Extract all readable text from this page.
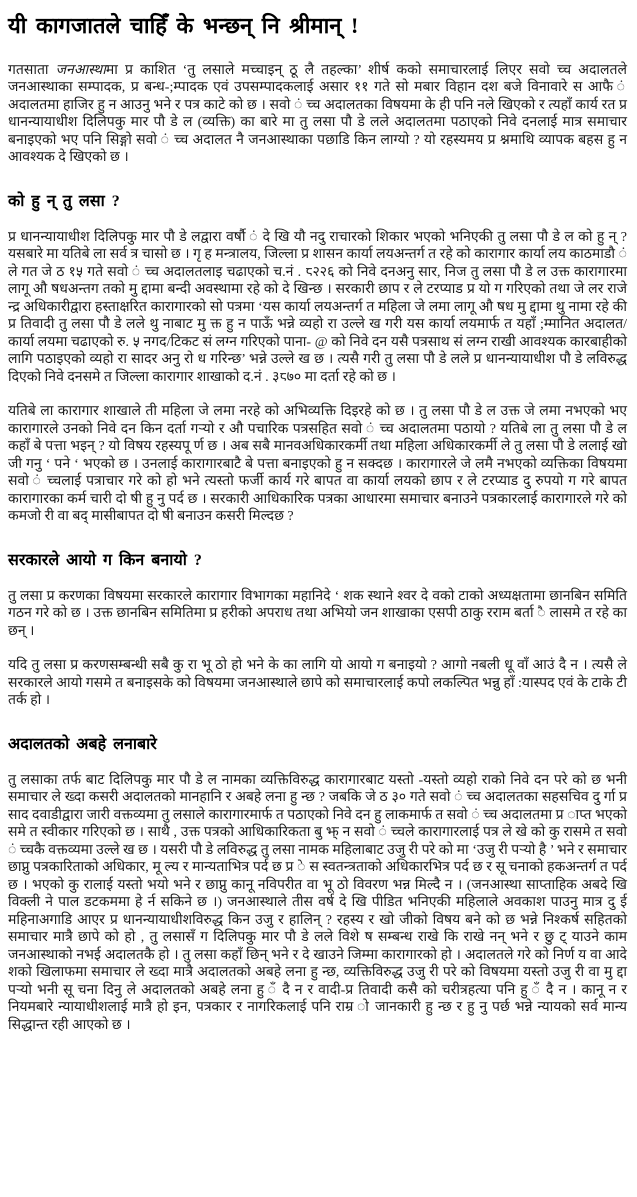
यी कागजातले चाहिँ के भन्छन् नि श्रीमान् !

गतसाता जनआस्थामा प्र काशित ‘तु लसाले मच्चाइन् ठू लै तहल्का’ शीर्ष कको समाचारलाई लिएर सवो च्च अदालतले जनआस्थाका सम्पादक, प्र बन्ध-;म्पादक एवं उपसम्पादकलाई असार ११ गते सो मबार विहान दश बजे विनावारे स आफै ं अदालतमा हाजिर हु न आउनु भने र पत्र काटे को छ । सवो ं च्च अदालतका विषयमा के ही पनि नले खिएको र त्यहाँ कार्य रत प्र धानन्यायाधीश दिलिपकु मार पौ डे ल (व्यक्ति) का बारे मा तु लसा पौ डे लले अदालतमा पठाएको निवे दनलाई मात्र समाचार बनाइएको भए पनि सिङ्गो सवो ं च्च अदालत नै जनआस्थाका पछाडि किन लाग्यो ? यो रहस्यमय प्र श्नमाथि व्यापक बहस हु न आवश्यक दे खिएको छ ।

को हु न् तु लसा ?

प्र धानन्यायाधीश दिलिपकु मार पौ डे लद्वारा वर्षौ ं दे खि यौ नदु राचारको शिकार भएको भनिएकी तु लसा पौ डे ल को हु न् ? यसबारे मा यतिबे ला सर्व त्र चासो छ । गृ ह मन्त्रालय, जिल्ला प्र शासन कार्या लयअन्तर्ग त रहे को कारागार कार्या लय काठमाडौ ं ले गत जे ठ १५ गते सवो ं च्च अदालतलाइ चढाएको च.नं . ८२२६ को निवे दनअनु सार, निज तु लसा पौ डे ल उक्त कारागारमा लागू औ षधअन्तग तको मु द्दामा बन्दी अवस्थामा रहे को दे खिन्छ । सरकारी छाप र ले टरप्याड प्र यो ग गरिएको तथा जे लर राजे न्द्र अधिकारीद्वारा हस्ताक्षरित कारागारको सो पत्रमा ‘यस कार्या लयअन्तर्ग त महिला जे लमा लागू औ षध मु द्दामा थु नामा रहे की प्र तिवादी तु लसा पौ डे लले थु नाबाट मु क्त हु न पाऊँ भन्ने व्यहो रा उल्ले ख गरी यस कार्या लयमार्फ त यहाँ ;म्मानित अदालत/कार्या लयमा चढाएको रु. ५ नगद/टिकट सं लग्न गरिएको पाना- @ को निवे दन यसै पत्रसाथ सं लग्न राखी आवश्यक कारबाहीको लागि पठाइएको व्यहो रा सादर अनु रो ध गरिन्छ’ भन्ने उल्ले ख छ । त्यसै गरी तु लसा पौ डे लले प्र धानन्यायाधीश पौ डे लविरुद्ध दिएको निवे दनसमे त जिल्ला कारागार शाखाको द.नं . ३८७० मा दर्ता रहे को छ ।

यतिबे ला कारागार शाखाले ती महिला जे लमा नरहे को अभिव्यक्ति दिइरहे को छ । तु लसा पौ डे ल उक्त जे लमा नभएको भए कारागारले उनको निवे दन किन दर्ता गऱ्यो र औ पचारिक पत्रसहित सवो ं च्च अदालतमा पठायो ? यतिबे ला तु लसा पौ डे ल कहाँ बे पत्ता भइन् ? यो विषय रहस्यपू र्ण छ । अब सबै मानवअधिकारकर्मी तथा महिला अधिकारकर्मी ले तु लसा पौ डे ललाई खो जी गनु ‘ पने ‘ भएको छ । उनलाई कारागारबाटै बे पत्ता बनाइएको हु न सक्दछ । कारागारले जे लमै नभएको व्यक्तिका विषयमा सवो ं च्चलाई पत्राचार गरे को हो भने त्यस्तो फर्जी कार्य गरे बापत वा कार्या लयको छाप र ले टरप्याड दु रुपयो ग गरे बापत कारागारका कर्म चारी दो षी हु नु पर्द छ । सरकारी आधिकारिक पत्रका आधारमा समाचार बनाउने पत्रकारलाई कारागारले गरे को कमजो री वा बद् मासीबापत दो षी बनाउन कसरी मिल्दछ ?

सरकारले आयो ग किन बनायो ?

तु लसा प्र करणका विषयमा सरकारले कारागार विभागका महानिदे ‘ शक स्थाने श्वर दे वको टाको अध्यक्षतामा छानबिन समिति गठन गरे को छ । उक्त छानबिन समितिमा प्र हरीको अपराध तथा अभियो जन शाखाका एसपी ठाकु रराम बर्ता ै लासमे त रहे का छन् ।

यदि तु लसा प्र करणसम्बन्धी सबै कु रा भू ठो हो भने के का लागि यो आयो ग बनाइयो ? आगो नबली धू वाँ आउं दै न । त्यसै ले सरकारले आयो गसमे त बनाइसके को विषयमा जनआस्थाले छापे को समाचारलाई कपो लकल्पित भन्नु हाँ :यास्पद एवं के टाके टी तर्क हो ।

अदालतको अबहे लनाबारे

तु लसाका तर्फ बाट दिलिपकु मार पौ डे ल नामका व्यक्तिविरुद्ध कारागारबाट यस्तो -यस्तो व्यहो राको निवे दन परे को छ भनी समाचार ले ख्दा कसरी अदालतको मानहानि र अबहे लना हु न्छ ? जबकि जे ठ ३० गते सवो ं च्च अदालतका सहसचिव दु र्गा प्र साद दवाडीद्वारा जारी वक्तव्यमा तु लसाले कारागारमार्फ त पठाएको निवे दन हु लाकमार्फ त सवो ं च्च अदालतमा प्र ाप्त भएको समे त स्वीकार गरिएको छ । साथै , उक्त पत्रको आधिकारिकता बु झ् न सवो ं च्चले कारागारलाई पत्र ले खे को कु रासमे त सवो ं च्चकै वक्तव्यमा उल्ले ख छ । यसरी पौ डे लविरुद्ध तु लसा नामक महिलाबाट उजु री परे को मा ‘उजु री पऱ्यो है ’ भने र समाचार छाप्नु पत्रकारिताको अधिकार, मू ल्य र मान्यताभित्र पर्द छ प्र े स स्वतन्त्रताको अधिकारभित्र पर्द छ र सू चनाको हकअन्तर्ग त पर्द छ । भएको कु रालाई यस्तो भयो भने र छाप्नु कानू नविपरीत वा भू ठो विवरण भन्न मिल्दै न । (जनआस्था साप्ताहिक अबदे खि विक्ली ने पाल डटकममा हे र्न सकिने छ ।) जनआस्थाले तीस वर्ष दे खि पीडित भनिएकी महिलाले अवकाश पाउनु मात्र दु ई महिनाअगाडि आएर प्र धानन्यायाधीशविरुद्ध किन उजु र हालिन् ? रहस्य र खो जीको विषय बने को छ भन्ने निश्कर्ष सहितको समाचार मात्रै छापे को हो , तु लसासँ ग दिलिपकु मार पौ डे लले विशे ष सम्बन्ध राखे कि राखे नन् भने र छु ट् याउने काम जनआस्थाको नभई अदालतकै हो । तु लसा कहाँ छिन् भने र दे खाउने जिम्मा कारागारको हो । अदालतले गरे को निर्ण य वा आदे शको खिलाफमा समाचार ले ख्दा मात्रै अदालतको अबहे लना हु न्छ, व्यक्तिविरुद्ध उजु री परे को विषयमा यस्तो उजु री वा मु द्दा पऱ्यो भनी सू चना दिनु ले अदालतको अबहे लना हु ँ दै न र वादी-प्र तिवादी कसै को चरीत्रहत्या पनि हु ँ दै न । कानू न र नियमबारे न्यायाधीशलाई मात्रै हो इन, पत्रकार र नागरिकलाई पनि राम्र ो जानकारी हु न्छ र हु नु पर्छ भन्ने न्यायको सर्व मान्य सिद्धान्त रही आएको छ ।
